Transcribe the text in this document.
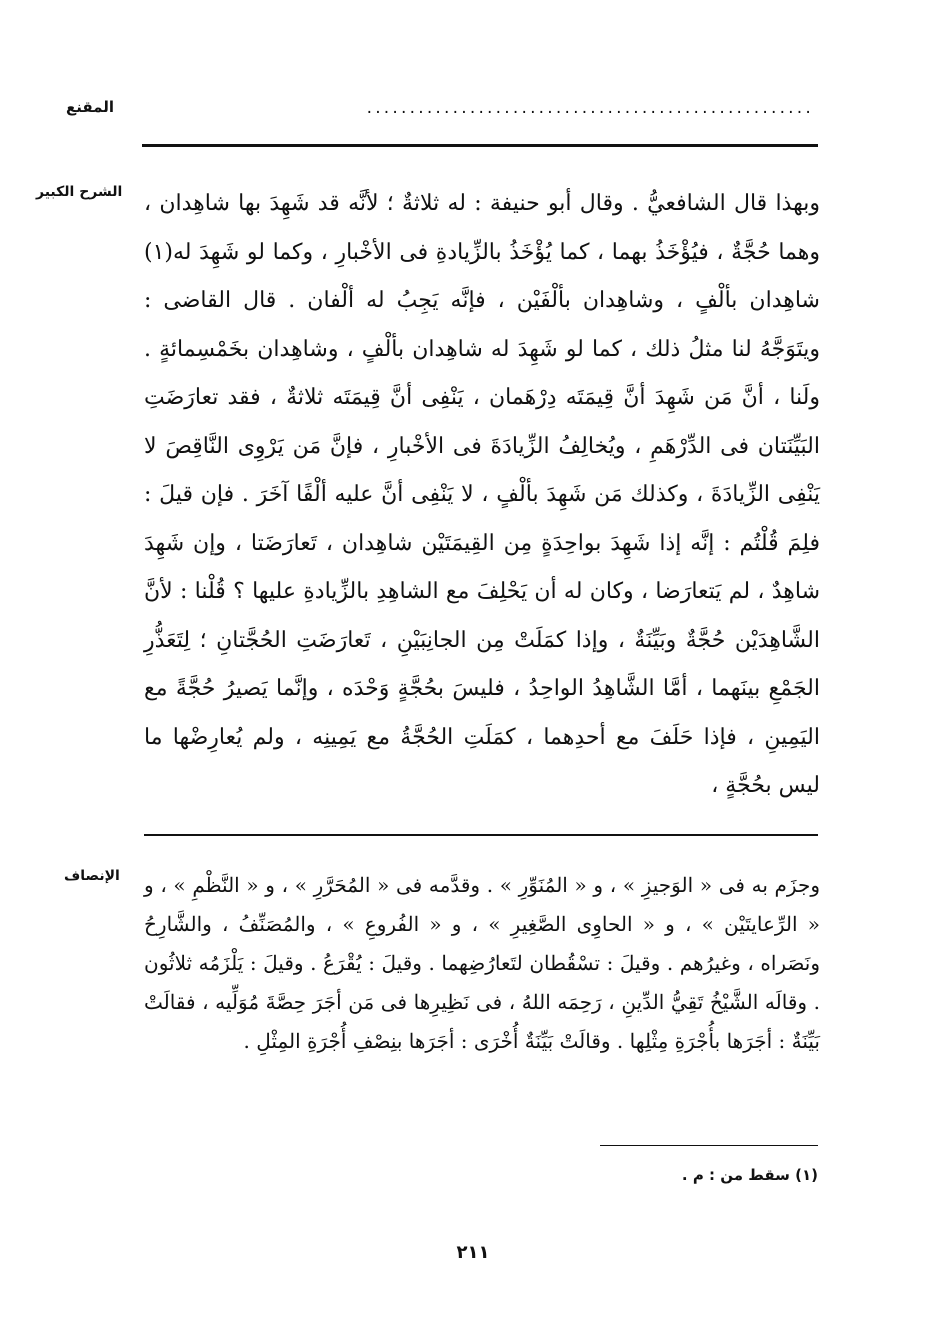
المقنع	....................................................
الشرح الكبير وبهذا قال الشافعيُّ . وقال أبو حنيفة : له ثلاثةٌ ؛ لأنَّه قد شَهِدَ بها شاهِدان ، وهما حُجَّةٌ ، فيُؤْخَذُ بهما ، كما يُؤْخَذُ بالزِّيادةِ فى الأخْبارِ ، وكما لو شَهِدَ له(١) شاهِدان بألْفٍ ، وشاهِدان بألْفَيْن ، فإنَّه يَجِبُ له ألْفان . قال القاضى : ويتَوَجَّهُ لنا مثلُ ذلك ، كما لو شَهِدَ له شاهِدان بألْفٍ ، وشاهِدان بخَمْسِمائةٍ . ولَنا ، أنَّ مَن شَهِدَ أنَّ قِيمَتَه دِرْهَمان ، يَنْفِى أنَّ قِيمَتَه ثلاثةٌ ، فقد تعارَضَتِ البَيِّنَتان فى الدِّرْهَمِ ، ويُخالِفُ الزِّيادَةَ فى الأخْبارِ ، فإنَّ مَن يَرْوِى النَّاقِصَ لا يَنْفِى الزِّيادَةَ ، وكذلك مَن شَهِدَ بألْفٍ ، لا يَنْفِى أنَّ عليه ألْفًا آخَرَ . فإن قيلَ : فلِمَ قُلْتُم : إنَّه إذا شَهِدَ بواحِدَةٍ مِن القِيمَتَيْن شاهِدان ، تَعارَضَتا ، وإن شَهِدَ شاهِدٌ ، لم يَتعارَضا ، وكان له أن يَحْلِفَ مع الشاهِدِ بالزِّيادةِ عليها ؟ قُلْنا : لأنَّ الشَّاهِدَيْن حُجَّةٌ وبَيِّنَةٌ ، وإذا كمَلَتْ مِن الجانِبَيْنِ ، تَعارَضَتِ الحُجَّتانِ ؛ لِتَعَذُّرِ الجَمْعِ بينَهما ، أمَّا الشَّاهِدُ الواحِدُ ، فليسَ بحُجَّةٍ وَحْدَه ، وإنَّما يَصيرُ حُجَّةً مع اليَمِينِ ، فإذا حَلَفَ مع أحدِهما ، كمَلَتِ الحُجَّةُ مع يَمِينِه ، ولم يُعارِضْها ما ليس بحُجَّةٍ ،
الإنصاف	وجزَم به فى « الوَجيزِ » ، و « المُنَوِّرِ » . وقدَّمه فى « المُحَرَّرِ » ، و « النَّظْمِ » ، و « الرِّعايتَيْن » ، و « الحاوِى الصَّغِيرِ » ، و « الفُروعِ » ، والمُصَنِّفُ ، والشَّارِحُ ونَصَراه ، وغيرُهم . وقيلَ : تسْقُطان لتَعارُضِهما . وقيلَ : يُقْرَعُ . وقيلَ : يَلْزَمُه ثلاثُون . وقالَه الشَّيْخُ تَقِيُّ الدِّينِ ، رَحِمَه اللهُ ، فى نَظِيرِها فى مَن أجَرَ حِصَّةَ مُوَلِّيه ، فقالَتْ بَيِّنَةٌ : أجَرَها بأُجْرَةِ مِثْلِها . وقالَتْ بَيِّنَةٌ أُخْرَى : أجَرَها بنِصْفِ أُجْرَةِ المِثْلِ .
(١) سقط من : م .
٢١١
